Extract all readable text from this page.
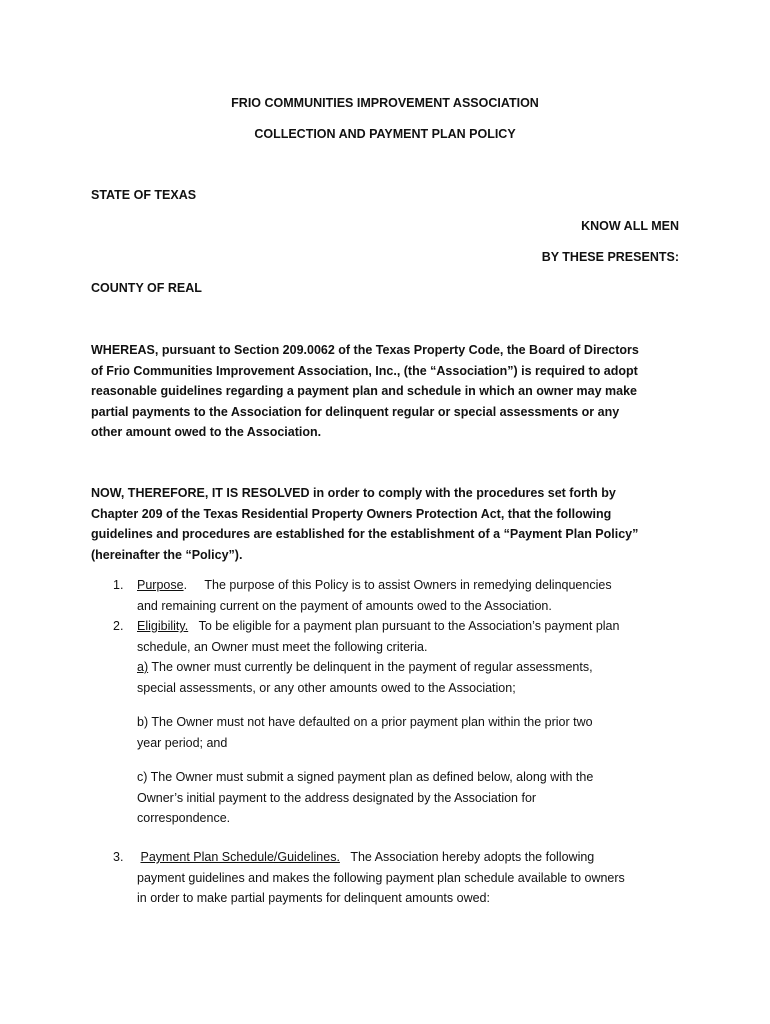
FRIO COMMUNITIES IMPROVEMENT ASSOCIATION
COLLECTION AND PAYMENT PLAN POLICY
STATE OF TEXAS
KNOW ALL MEN
BY THESE PRESENTS:
COUNTY OF REAL
WHEREAS, pursuant to Section 209.0062 of the Texas Property Code, the Board of Directors
of Frio Communities Improvement Association, Inc., (the “Association”) is required to adopt
reasonable guidelines regarding a payment plan and schedule in which an owner may make
partial payments to the Association for delinquent regular or special assessments or any
other amount owed to the Association.
NOW, THEREFORE, IT IS RESOLVED in order to comply with the procedures set forth by
Chapter 209 of the Texas Residential Property Owners Protection Act, that the following
guidelines and procedures are established for the establishment of a “Payment Plan Policy”
(hereinafter the “Policy”).
1. Purpose. The purpose of this Policy is to assist Owners in remedying delinquencies
and remaining current on the payment of amounts owed to the Association.
2. Eligibility. To be eligible for a payment plan pursuant to the Association’s payment plan
schedule, an Owner must meet the following criteria.
a) The owner must currently be delinquent in the payment of regular assessments,
special assessments, or any other amounts owed to the Association;
b) The Owner must not have defaulted on a prior payment plan within the prior two
year period; and
c) The Owner must submit a signed payment plan as defined below, along with the
Owner’s initial payment to the address designated by the Association for
correspondence.
3. Payment Plan Schedule/Guidelines. The Association hereby adopts the following
payment guidelines and makes the following payment plan schedule available to owners
in order to make partial payments for delinquent amounts owed:
